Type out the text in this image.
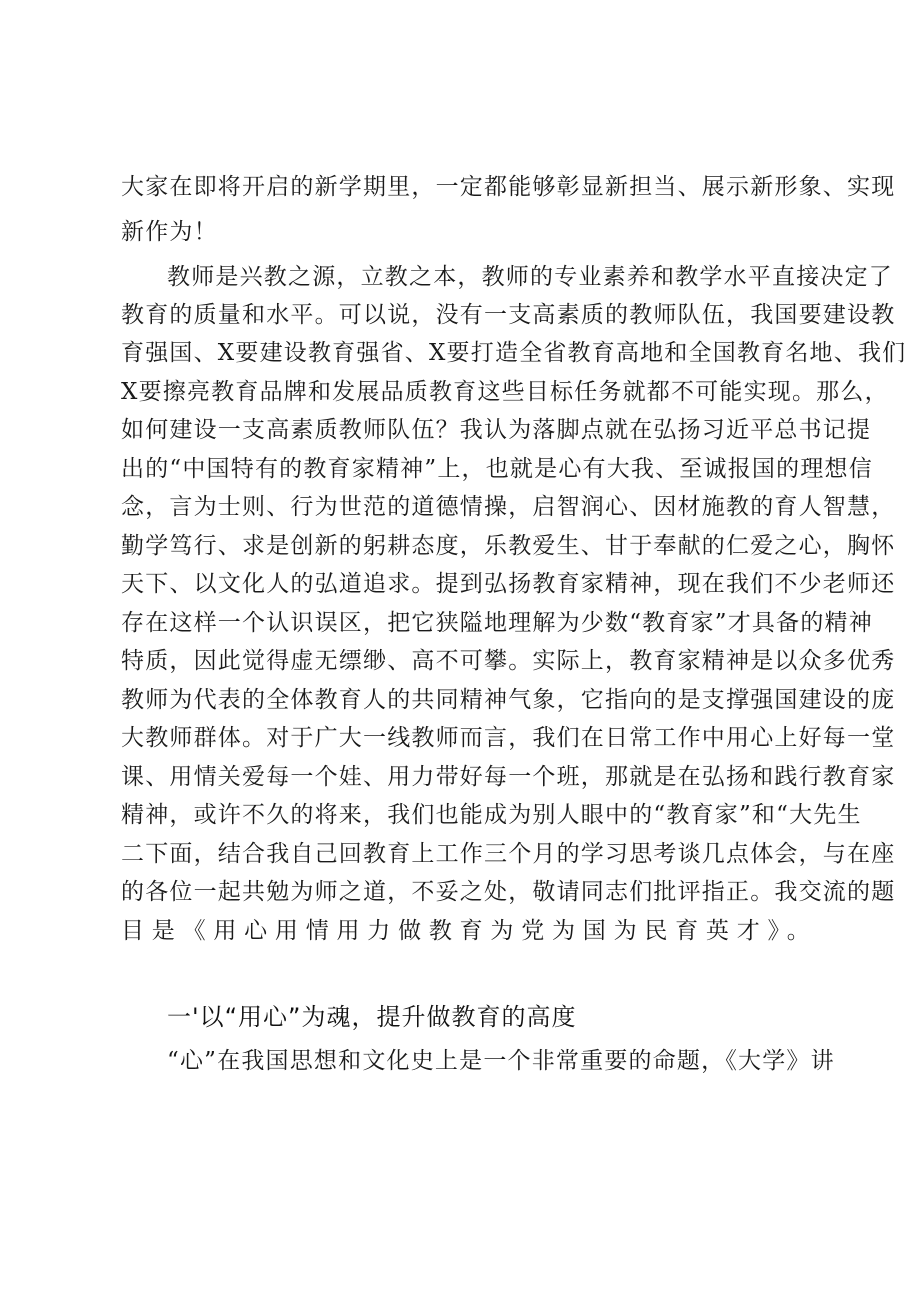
大家在即将开启的新学期里，一定都能够彰显新担当、展示新形象、实现
新作为！
教师是兴教之源，立教之本，教师的专业素养和教学水平直接决定了
教育的质量和水平。可以说，没有一支高素质的教师队伍，我国要建设教
育强国、X要建设教育强省、X要打造全省教育高地和全国教育名地、我们
X要擦亮教育品牌和发展品质教育这些目标任务就都不可能实现。那么，
如何建设一支高素质教师队伍？我认为落脚点就在弘扬习近平总书记提
出的“中国特有的教育家精神”上，也就是心有大我、至诚报国的理想信
念，言为士则、行为世范的道德情操，启智润心、因材施教的育人智慧，
勤学笃行、求是创新的躬耕态度，乐教爱生、甘于奉献的仁爱之心，胸怀
天下、以文化人的弘道追求。提到弘扬教育家精神，现在我们不少老师还
存在这样一个认识误区，把它狭隘地理解为少数“教育家”才具备的精神
特质，因此觉得虚无缥缈、高不可攀。实际上，教育家精神是以众多优秀
教师为代表的全体教育人的共同精神气象，它指向的是支撑强国建设的庞
大教师群体。对于广大一线教师而言，我们在日常工作中用心上好每一堂
课、用情关爱每一个娃、用力带好每一个班，那就是在弘扬和践行教育家
精神，或许不久的将来，我们也能成为别人眼中的“教育家”和“大先生
二下面，结合我自己回教育上工作三个月的学习思考谈几点体会，与在座
的各位一起共勉为师之道，不妥之处，敬请同志们批评指正。我交流的题
目是《用心用情用力做教育为党为国为民育英才》。
一'以“用心”为魂，提升做教育的高度
“心”在我国思想和文化史上是一个非常重要的命题，《大学》讲
